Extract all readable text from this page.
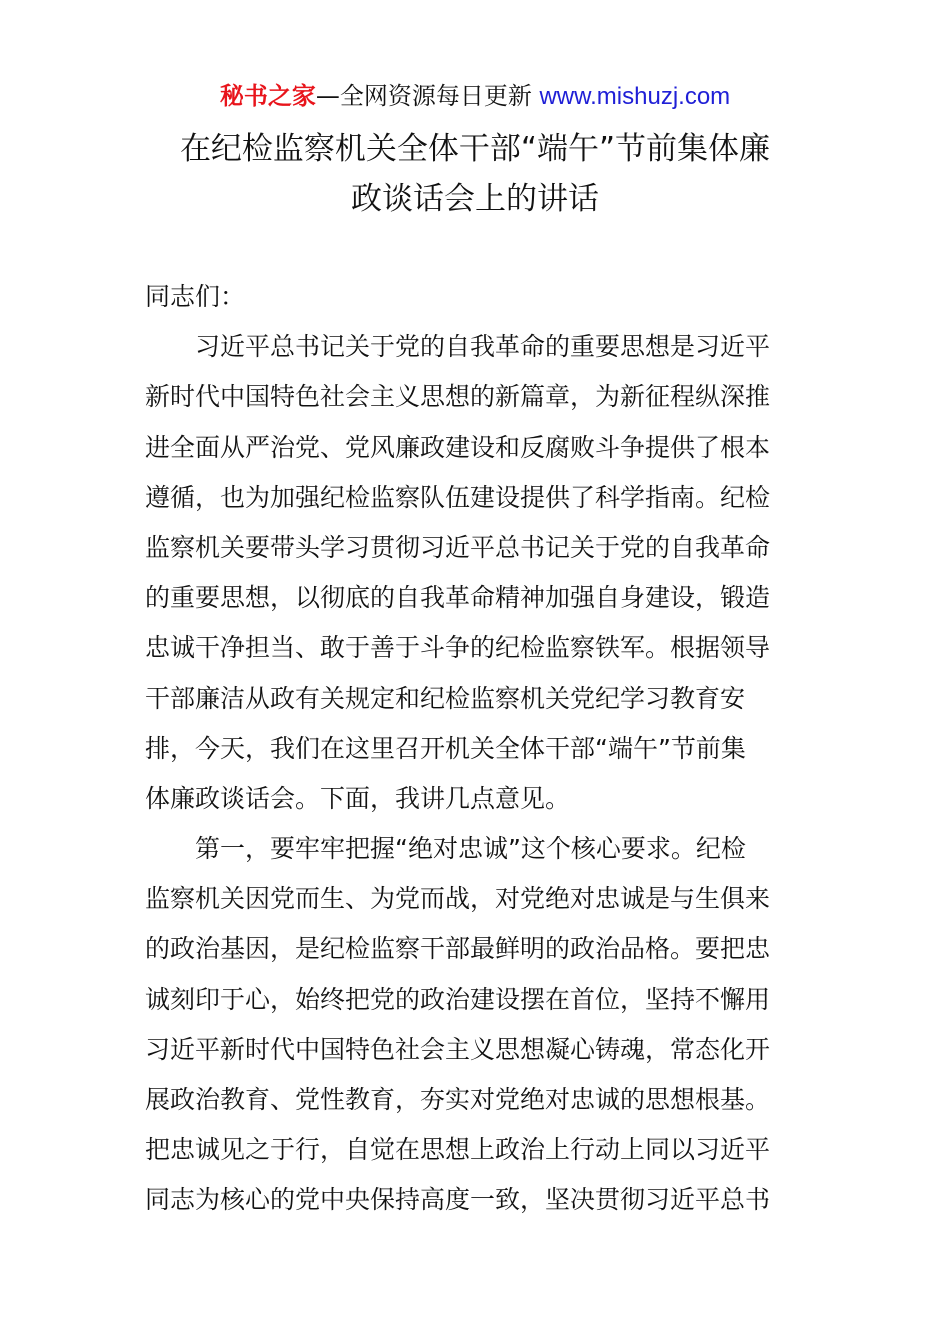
秘书之家—全网资源每日更新 www.mishuzj.com
在纪检监察机关全体干部“端午”节前集体廉
政谈话会上的讲话
同志们：
　　习近平总书记关于党的自我革命的重要思想是习近平
新时代中国特色社会主义思想的新篇章，为新征程纵深推
进全面从严治党、党风廉政建设和反腐败斗争提供了根本
遵循，也为加强纪检监察队伍建设提供了科学指南。纪检
监察机关要带头学习贯彻习近平总书记关于党的自我革命
的重要思想，以彻底的自我革命精神加强自身建设，锻造
忠诚干净担当、敢于善于斗争的纪检监察铁军。根据领导
干部廉洁从政有关规定和纪检监察机关党纪学习教育安
排，今天，我们在这里召开机关全体干部“端午”节前集
体廉政谈话会。下面，我讲几点意见。
　　第一，要牢牢把握“绝对忠诚”这个核心要求。纪检
监察机关因党而生、为党而战，对党绝对忠诚是与生俱来
的政治基因，是纪检监察干部最鲜明的政治品格。要把忠
诚刻印于心，始终把党的政治建设摆在首位，坚持不懈用
习近平新时代中国特色社会主义思想凝心铸魂，常态化开
展政治教育、党性教育，夯实对党绝对忠诚的思想根基。
把忠诚见之于行，自觉在思想上政治上行动上同以习近平
同志为核心的党中央保持高度一致，坚决贯彻习近平总书
